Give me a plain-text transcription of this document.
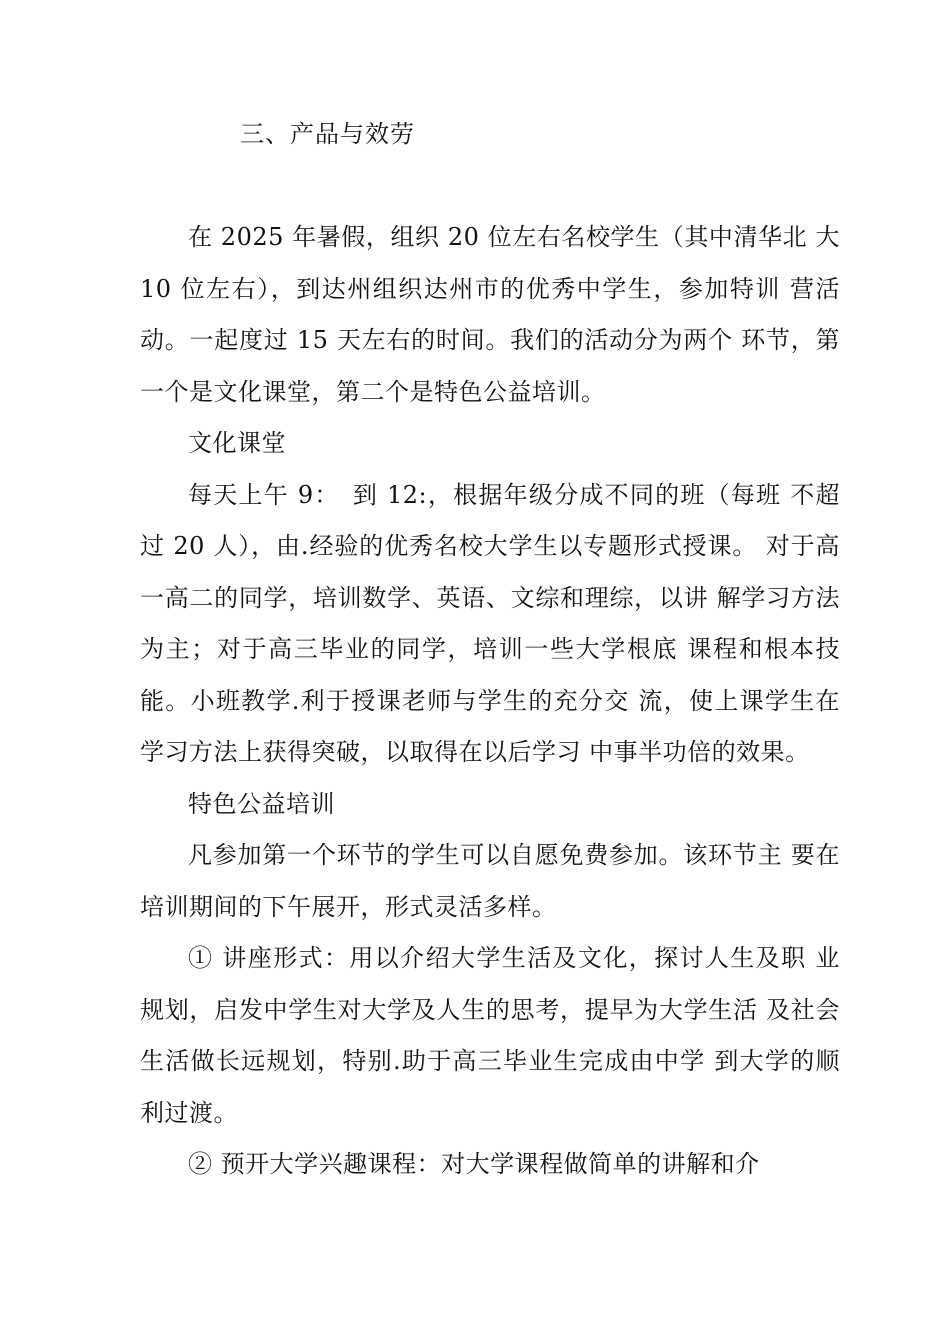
三、产品与效劳

在 2025 年暑假，组织 20 位左右名校学生（其中清华北 大 10 位左右），到达州组织达州市的优秀中学生，参加特训 营活动。一起度过 15 天左右的时间。我们的活动分为两个 环节，第一个是文化课堂，第二个是特色公益培训。

文化课堂

每天上午 9：　到 12:，根据年级分成不同的班（每班 不超过 20 人），由.经验的优秀名校大学生以专题形式授课。 对于高一高二的同学，培训数学、英语、文综和理综，以讲 解学习方法为主；对于高三毕业的同学，培训一些大学根底 课程和根本技能。小班教学.利于授课老师与学生的充分交 流，使上课学生在学习方法上获得突破，以取得在以后学习 中事半功倍的效果。

特色公益培训

凡参加第一个环节的学生可以自愿免费参加。该环节主 要在培训期间的下午展开，形式灵活多样。

① 讲座形式：用以介绍大学生活及文化，探讨人生及职 业规划，启发中学生对大学及人生的思考，提早为大学生活 及社会生活做长远规划，特别.助于高三毕业生完成由中学 到大学的顺利过渡。

② 预开大学兴趣课程：对大学课程做简单的讲解和介
